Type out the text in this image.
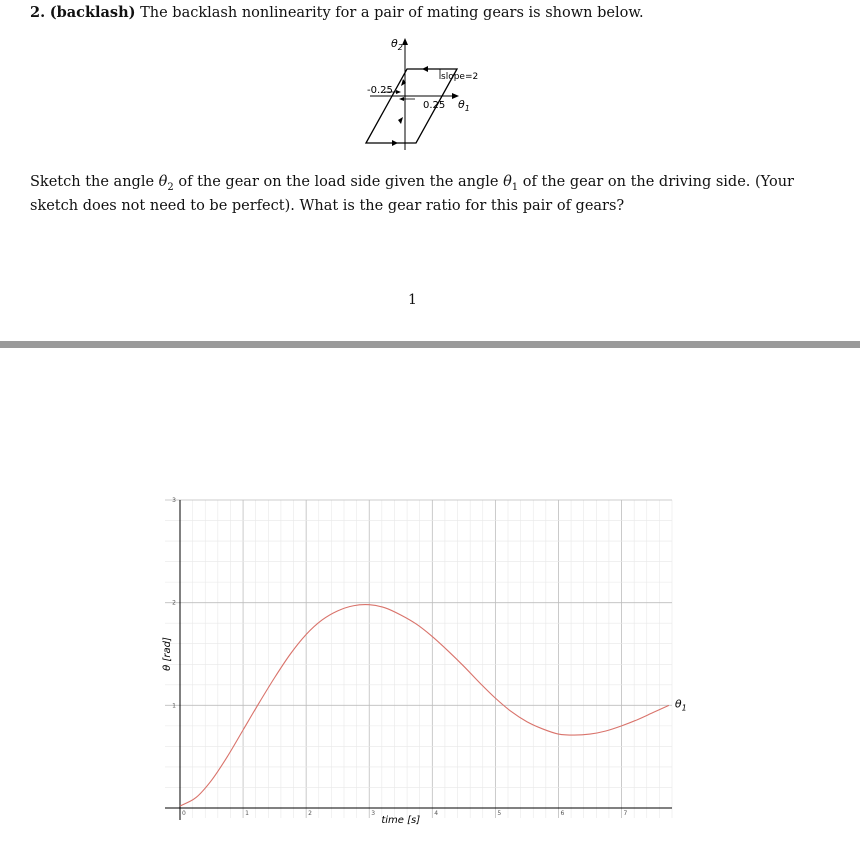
2. (backlash) The backlash nonlinearity for a pair of mating gears is shown below.
$\theta_2$
-0.25
0.25
slope=2
$\theta_1$
Sketch the angle $\theta_2$ of the gear on the load side given the angle $\theta_1$ of the gear on the driving side. (Your sketch does not need to be perfect). What is the gear ratio for this pair of gears?
1
0	1	2	3	4	5	6	7
1
2
3
time [s]
θ [rad]
$\theta_1$
